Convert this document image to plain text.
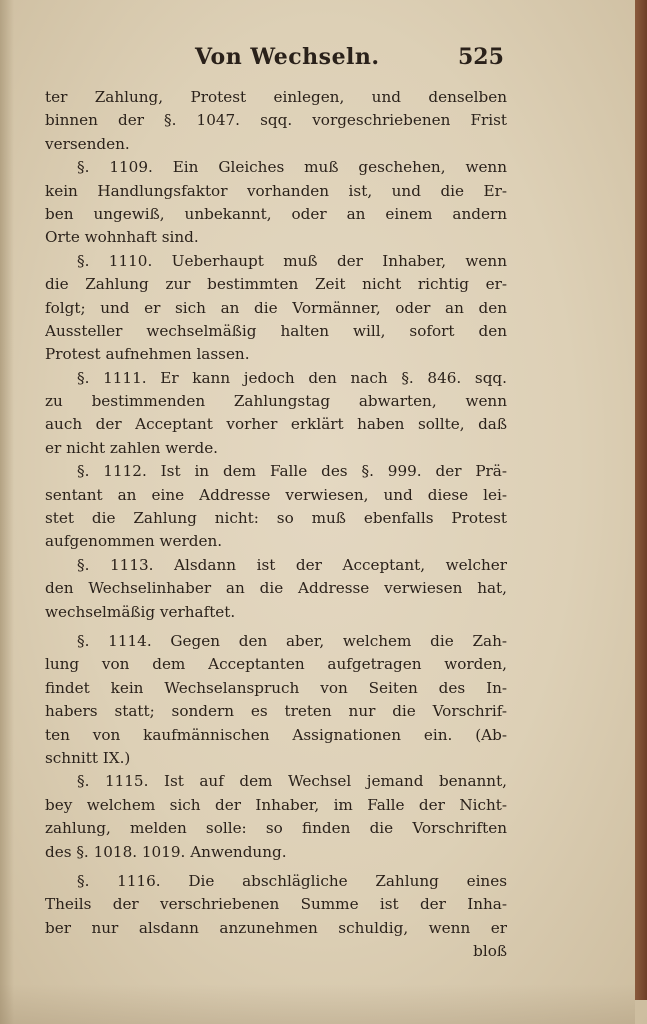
Von Wechseln.	525
ter Zahlung, Protest einlegen, und denselben
binnen der §. 1047. sqq. vorgeschriebenen Frist
versenden.
§. 1109. Ein Gleiches muß geschehen, wenn
kein Handlungsfaktor vorhanden ist, und die Er-
ben ungewiß, unbekannt, oder an einem andern
Orte wohnhaft sind.
§. 1110. Ueberhaupt muß der Inhaber, wenn
die Zahlung zur bestimmten Zeit nicht richtig er-
folgt; und er sich an die Vormänner, oder an den
Aussteller wechselmäßig halten will, sofort den
Protest aufnehmen lassen.
§. 1111. Er kann jedoch den nach §. 846. sqq.
zu bestimmenden Zahlungstag abwarten, wenn
auch der Acceptant vorher erklärt haben sollte, daß
er nicht zahlen werde.
§. 1112. Ist in dem Falle des §. 999. der Prä-
sentant an eine Addresse verwiesen, und diese lei-
stet die Zahlung nicht: so muß ebenfalls Protest
aufgenommen werden.
§. 1113. Alsdann ist der Acceptant, welcher
den Wechselinhaber an die Addresse verwiesen hat,
wechselmäßig verhaftet.
§. 1114. Gegen den aber, welchem die Zah-
lung von dem Acceptanten aufgetragen worden,
findet kein Wechselanspruch von Seiten des In-
habers statt; sondern es treten nur die Vorschrif-
ten von kaufmännischen Assignationen ein. (Ab-
schnitt IX.)
§. 1115. Ist auf dem Wechsel jemand benannt,
bey welchem sich der Inhaber, im Falle der Nicht-
zahlung, melden solle: so finden die Vorschriften
des §. 1018. 1019. Anwendung.
§. 1116. Die abschlägliche Zahlung eines
Theils der verschriebenen Summe ist der Inha-
ber nur alsdann anzunehmen schuldig, wenn er
bloß
